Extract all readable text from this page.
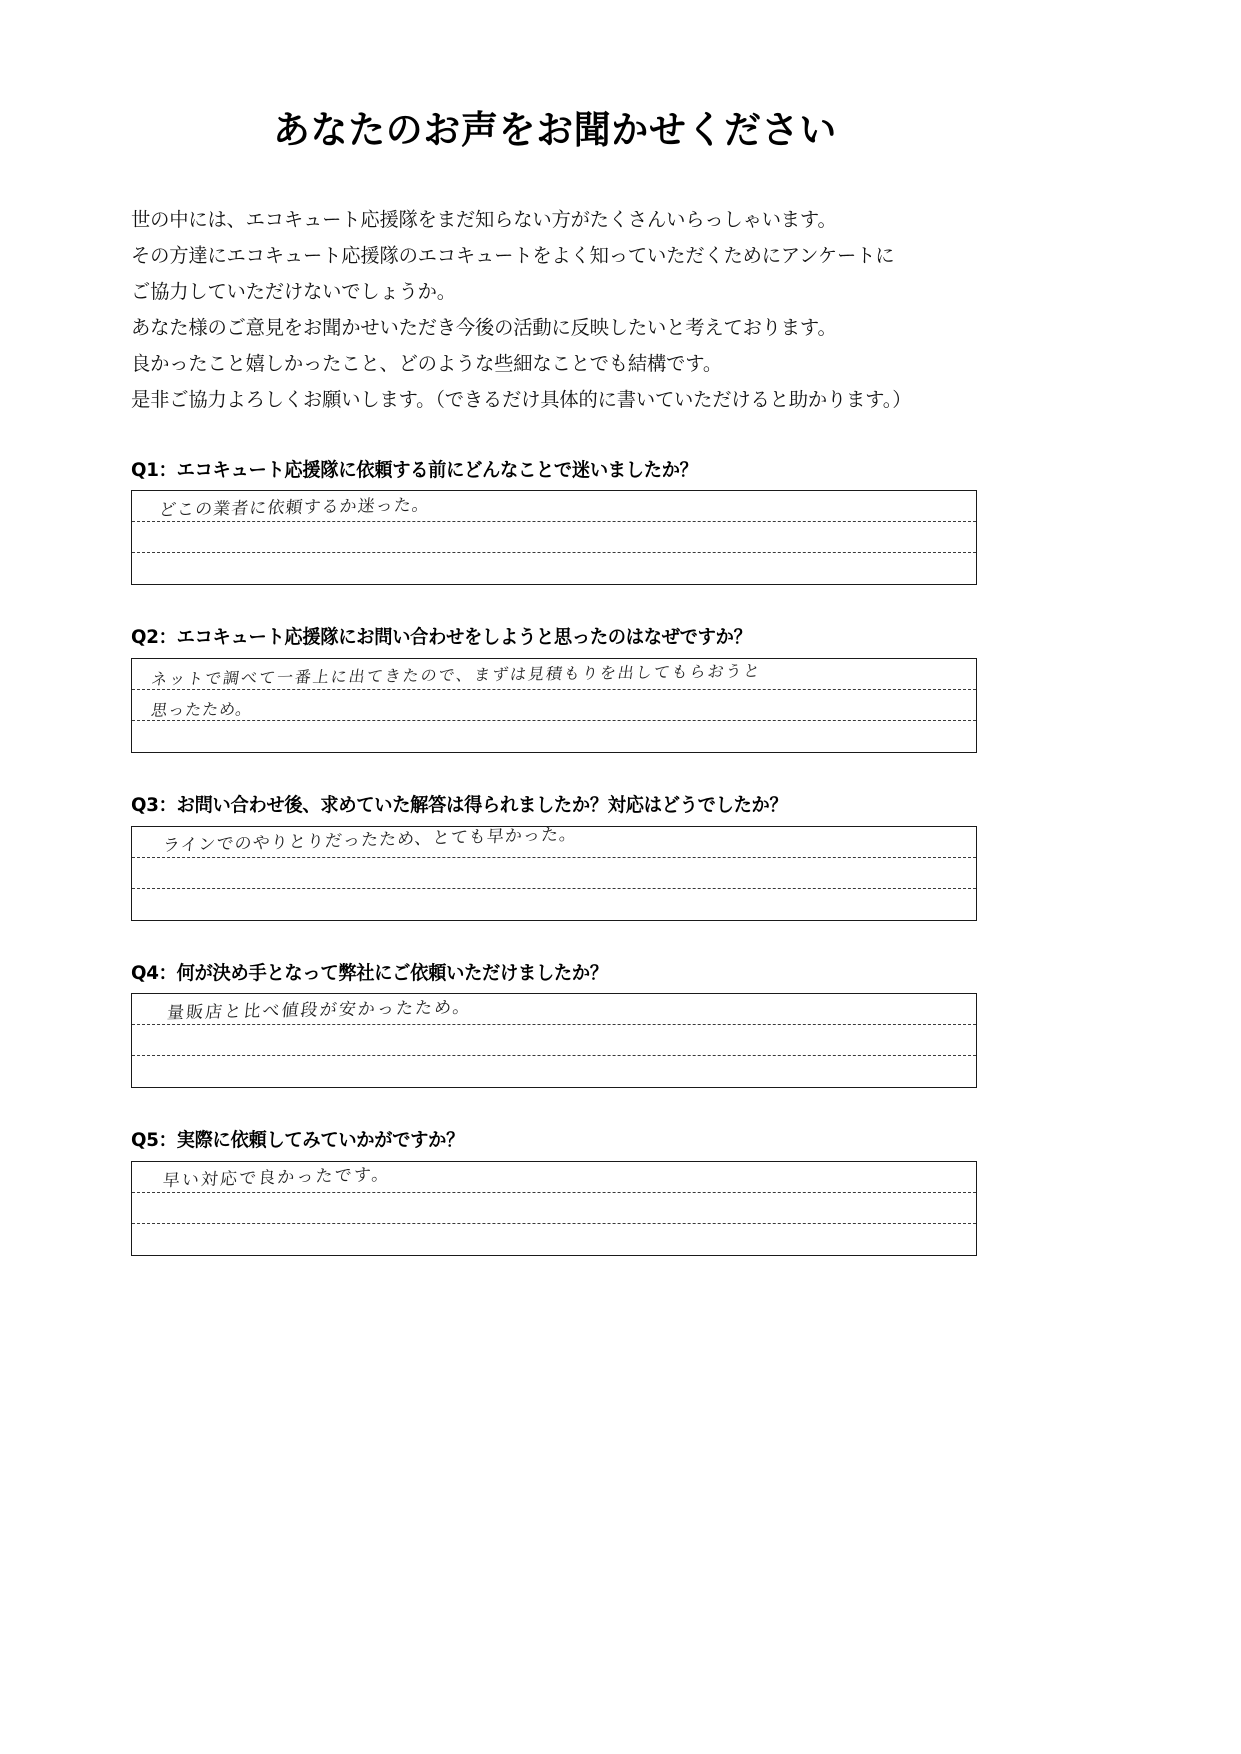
あなたのお声をお聞かせください
世の中には、エコキュート応援隊をまだ知らない方がたくさんいらっしゃいます。
その方達にエコキュート応援隊のエコキュートをよく知っていただくためにアンケートに
ご協力していただけないでしょうか。
あなた様のご意見をお聞かせいただき今後の活動に反映したいと考えております。
良かったこと嬉しかったこと、どのような些細なことでも結構です。
是非ご協力よろしくお願いします。（できるだけ具体的に書いていただけると助かります。）
Q1：エコキュート応援隊に依頼する前にどんなことで迷いましたか？
どこの業者に依頼するか迷った。
Q2：エコキュート応援隊にお問い合わせをしようと思ったのはなぜですか？
ネットで調べて一番上に出てきたので、まずは見積もりを出してもらおうと
思ったため。
Q3：お問い合わせ後、求めていた解答は得られましたか？対応はどうでしたか？
ラインでのやりとりだったため、とても早かった。
Q4：何が決め手となって弊社にご依頼いただけましたか？
量販店と比べ値段が安かったため。
Q5：実際に依頼してみていかがですか？
早い対応で良かったです。
